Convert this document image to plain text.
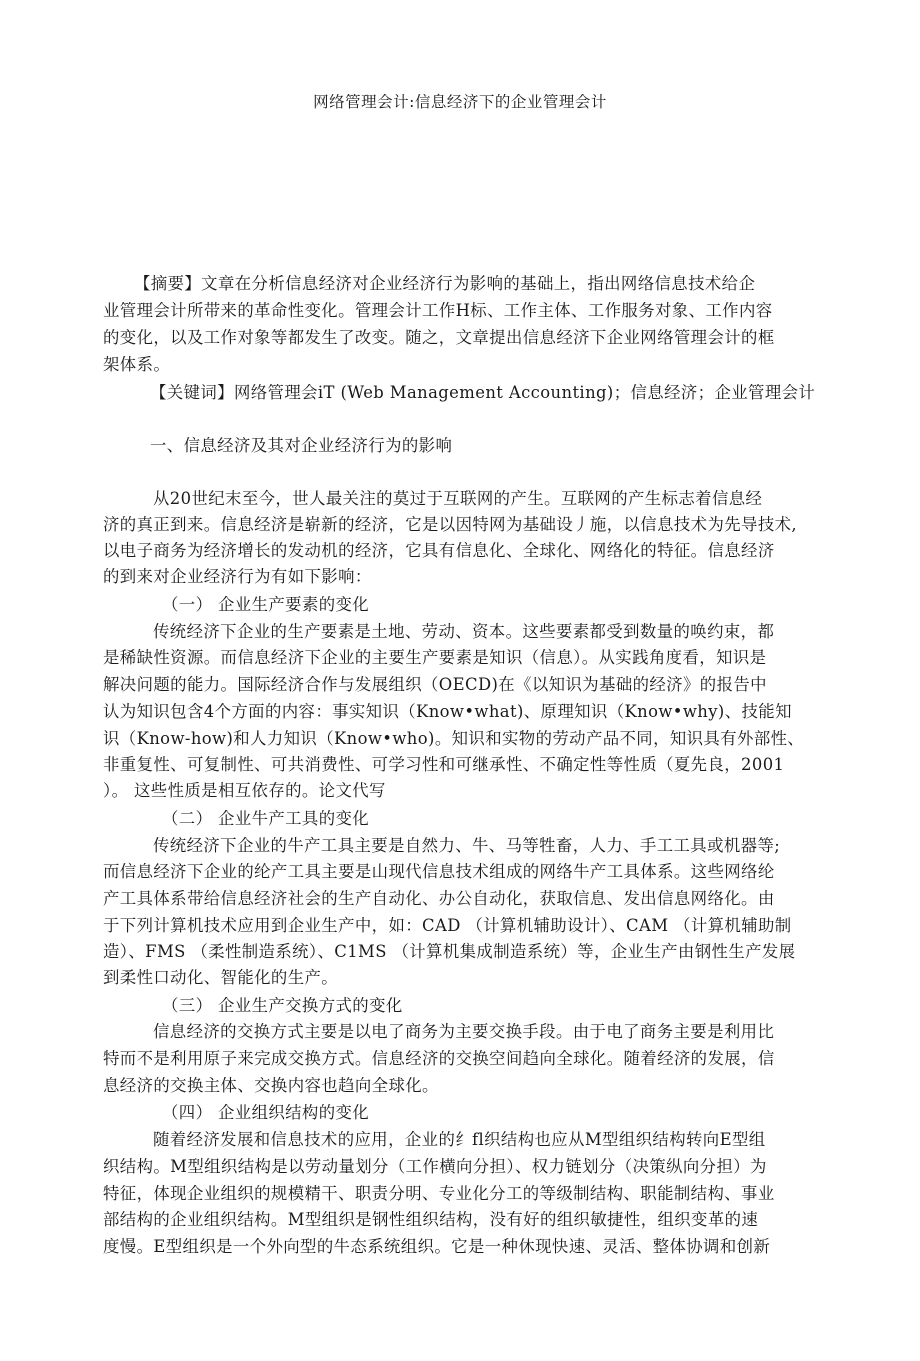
网络管理会计:信息经济下的企业管理会计
【摘要】文章在分析信息经济对企业经济行为影响的基础上，指出网络信息技术给企
业管理会计所带来的革命性变化。管理会计工作H标、工作主体、工作服务对象、工作内容
的变化，以及工作对象等都发生了改变。随之，文章提出信息经济下企业网络管理会计的框
架体系。
【关键词】网络管理会iT (Web Management Accounting)；信息经济；企业管理会计
一、信息经济及其对企业经济行为的影响
从20世纪末至今，世人最关注的莫过于互联网的产生。互联网的产生标志着信息经
济的真正到来。信息经济是崭新的经济，它是以因特网为基础设丿施，以信息技术为先导技术,
以电子商务为经济增长的发动机的经济，它具有信息化、全球化、网络化的特征。信息经济
的到来对企业经济行为有如下影响：
（一） 企业生产要素的变化
传统经济下企业的生产要素是土地、劳动、资本。这些要素都受到数量的唤约束，都
是稀缺性资源。而信息经济下企业的主要生产要素是知识（信息）。从实践角度看，知识是
解决问题的能力。国际经济合作与发展组织（OECD)在《以知识为基础的经济》的报告中
认为知识包含4个方面的内容：事实知识（Know•what)、原理知识（Know•why)、技能知
识（Know-how)和人力知识（Know•who)。知识和实物的劳动产品不同，知识具有外部性、
非重复性、可复制性、可共消费性、可学习性和可继承性、不确定性等性质（夏先良，2001
）。 这些性质是相互依存的。论文代写
（二） 企业牛产工具的变化
传统经济下企业的牛产工具主要是自然力、牛、马等牲畜，人力、手工工具或机器等;
而信息经济下企业的纶产工具主要是山现代信息技术组成的网络牛产工具体系。这些网络纶
产工具体系带给信息经济社会的生产自动化、办公自动化，获取信息、发出信息网络化。由
于下列计算机技术应用到企业生产中，如：CAD （计算机辅助设计）、CAM （计算机辅助制
造）、FMS （柔性制造系统）、C1MS （计算机集成制造系统）等，企业生产由钢性生产发展
到柔性口动化、智能化的生产。
（三） 企业生产交换方式的变化
信息经济的交换方式主要是以电了商务为主要交换手段。由于电了商务主要是利用比
特而不是利用原子来完成交换方式。信息经济的交换空间趋向全球化。随着经济的发展，信
息经济的交换主体、交换内容也趋向全球化。
（四） 企业组织结构的变化
随着经济发展和信息技术的应用，企业的纟fl织结构也应从M型组织结构转向E型组
织结构。M型组织结构是以劳动量划分（工作横向分担）、权力链划分（决策纵向分担）为
特征，体现企业组织的规模精干、职责分明、专业化分工的等级制结构、职能制结构、事业
部结构的企业组织结构。M型组织是钢性组织结构，没有好的组织敏捷性，组织变革的速
度慢。E型组织是一个外向型的牛态系统组织。它是一种休现快速、灵活、整体协调和创新
